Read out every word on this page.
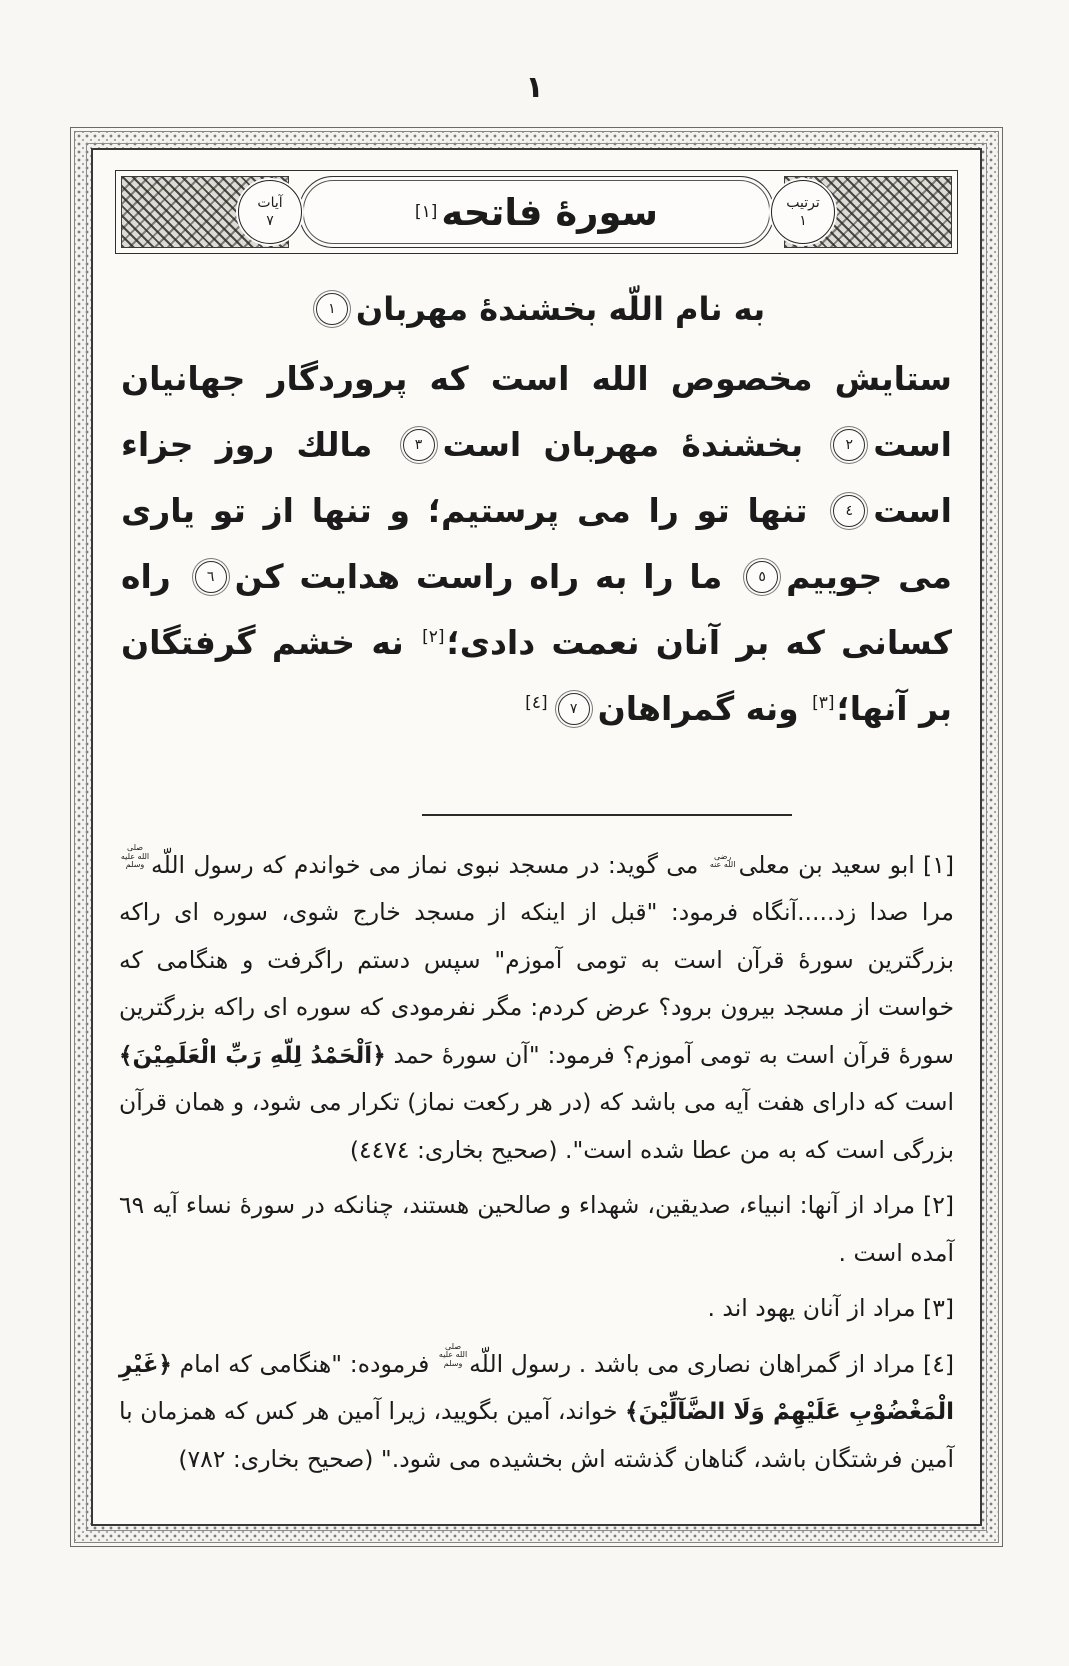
١
ترتیب
١
سورهٔ فاتحه
[١]
آیات
٧
به نام اللّه بخشندهٔ مهربان١

ستایش مخصوص الله است که پروردگار جهانیان است٢ بخشندهٔ مهربان است٣ مالك روز جزاء است٤ تنها تو را می پرستیم؛ و تنها از تو یاری می جوییم٥ ما را به راه راست هدایت کن٦ راه کسانی که بر آنان نعمت دادی؛[٢] نه خشم گرفتگان بر آنها؛[٣] ونه گمراهان٧[٤]

[١] ابو سعید بن معلیرضی الله عنه می گوید: در مسجد نبوی نماز می خواندم که رسول اللّهصلی الله علیه وسلم مرا صدا زد.....آنگاه فرمود: "قبل از اینکه از مسجد خارج شوی، سوره ای راکه بزرگترین سورهٔ قرآن است به تومی آموزم" سپس دستم راگرفت و هنگامی که خواست از مسجد بیرون برود؟ عرض کردم: مگر نفرمودی که سوره ای راکه بزرگترین سورهٔ قرآن است به تومی آموزم؟ فرمود: "آن سورهٔ حمد ﴿اَلْحَمْدُ لِلّهِ رَبِّ الْعَلَمِيْنَ﴾ است که دارای هفت آیه می باشد که (در هر رکعت نماز) تکرار می شود، و همان قرآن بزرگی است که به من عطا شده است". (صحیح بخاری: ٤٤٧٤)
[٢] مراد از آنها: انبیاء، صدیقین، شهداء و صالحین هستند، چنانکه در سورهٔ نساء آیه ٦٩ آمده است .
[٣] مراد از آنان یهود اند .
[٤] مراد از گمراهان نصاری می باشد . رسول اللّهصلی الله علیه وسلم فرموده: "هنگامی که امام ﴿غَيْرِ الْمَغْضُوْبِ عَلَيْهِمْ وَلَا الضَّآلِّيْنَ﴾ خواند، آمین بگویید، زیرا آمین هر کس که همزمان با آمین فرشتگان باشد، گناهان گذشته اش بخشیده می شود." (صحیح بخاری: ٧٨٢)
